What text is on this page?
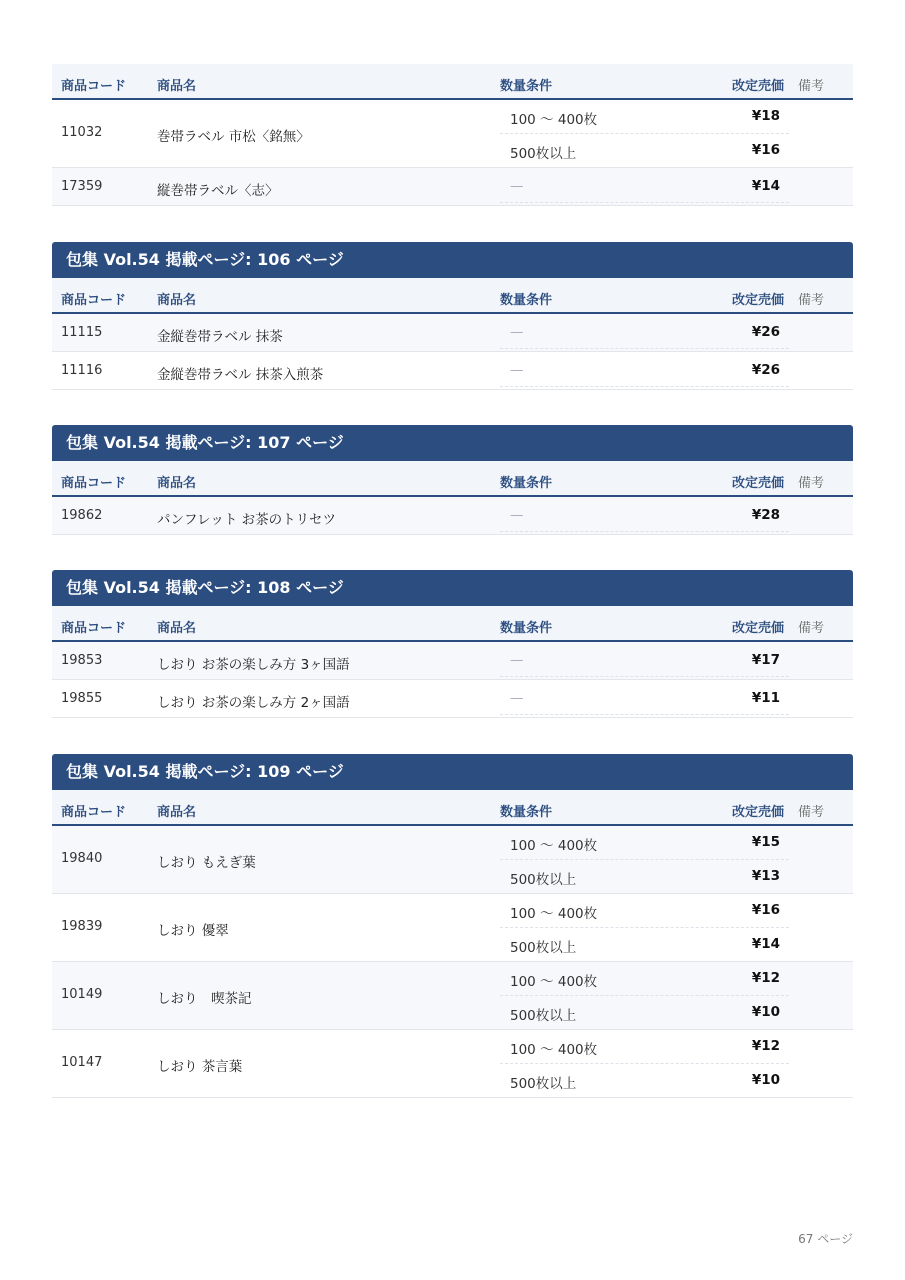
商品コード 商品名	数量条件	改定売価 備考
11032	巻帯ラベル 市松〈銘無〉
100 〜 400枚	¥18
500枚以上	¥16
17359	縦巻帯ラベル〈志〉	—	¥14
包集 Vol.54 掲載ページ: 106 ページ
商品コード 商品名	数量条件	改定売価 備考
11115	金縦巻帯ラベル 抹茶	—	¥26
11116	金縦巻帯ラベル 抹茶入煎茶	—	¥26
包集 Vol.54 掲載ページ: 107 ページ
商品コード 商品名	数量条件	改定売価 備考
19862	パンフレット お茶のトリセツ	—	¥28
包集 Vol.54 掲載ページ: 108 ページ
商品コード 商品名	数量条件	改定売価 備考
19853	しおり お茶の楽しみ方 3ヶ国語	—	¥17
19855	しおり お茶の楽しみ方 2ヶ国語	—	¥11
包集 Vol.54 掲載ページ: 109 ページ
商品コード 商品名	数量条件	改定売価 備考
19840	しおり もえぎ葉
100 〜 400枚	¥15
500枚以上	¥13
19839	しおり 優翠
100 〜 400枚	¥16
500枚以上	¥14
10149	しおり　喫茶記
100 〜 400枚	¥12
500枚以上	¥10
10147	しおり 茶言葉
100 〜 400枚	¥12
500枚以上	¥10
67 ページ
